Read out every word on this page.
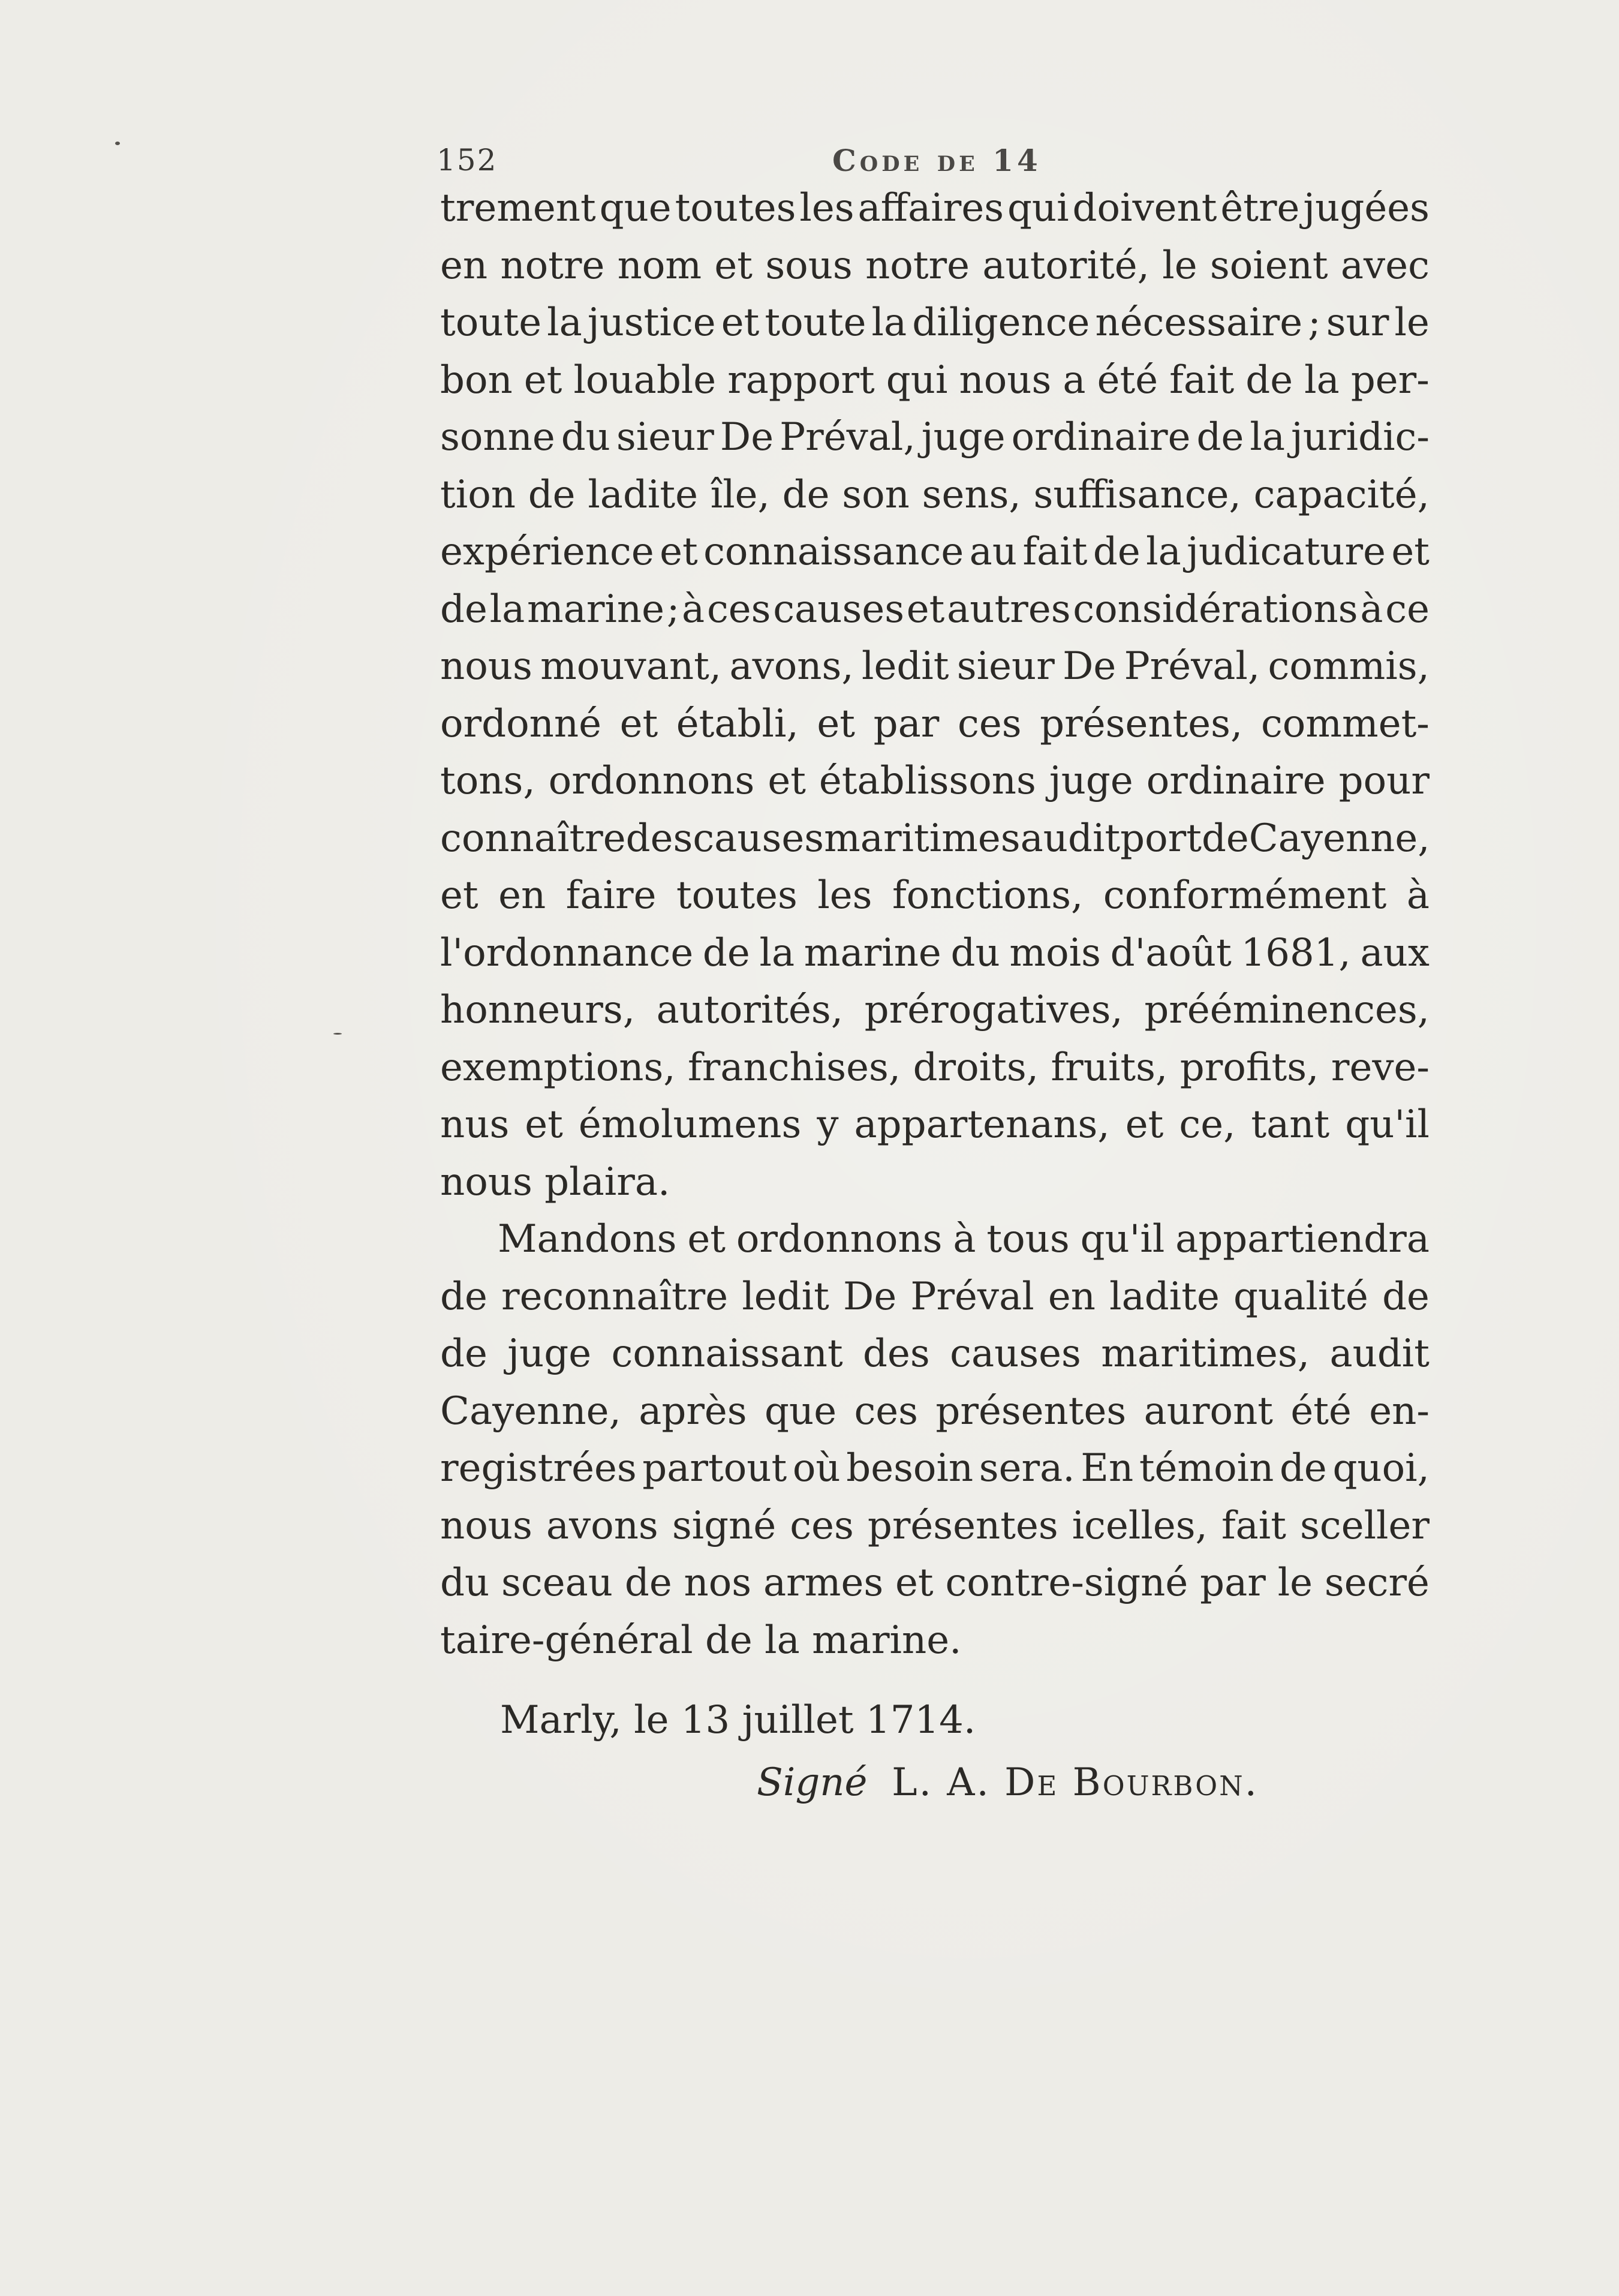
152	Code de 14
trement que toutes les affaires qui doivent être jugées
en notre nom et sous notre autorité, le soient avec
toute la justice et toute la diligence nécessaire ; sur le
bon et louable rapport qui nous a été fait de la per-
sonne du sieur De Préval, juge ordinaire de la juridic-
tion de ladite île, de son sens, suffisance, capacité,
expérience et connaissance au fait de la judicature et
de la marine ; à ces causes et autres considérations à ce
nous mouvant, avons, ledit sieur De Préval, commis,
ordonné et établi, et par ces présentes, commet-
tons, ordonnons et établissons juge ordinaire pour
connaître des causes maritimes audit port de Cayenne,
et en faire toutes les fonctions, conformément à
l'ordonnance de la marine du mois d'août 1681, aux
honneurs, autorités, prérogatives, prééminences,
exemptions, franchises, droits, fruits, profits, reve-
nus et émolumens y appartenans, et ce, tant qu'il
nous plaira.
Mandons et ordonnons à tous qu'il appartiendra
de reconnaître ledit De Préval en ladite qualité de
de juge connaissant des causes maritimes, audit
Cayenne, après que ces présentes auront été en-
registrées partout où besoin sera. En témoin de quoi,
nous avons signé ces présentes icelles, fait sceller
du sceau de nos armes et contre-signé par le secré
taire-général de la marine.
Marly, le 13 juillet 1714.
Signé L. A. De Bourbon.
